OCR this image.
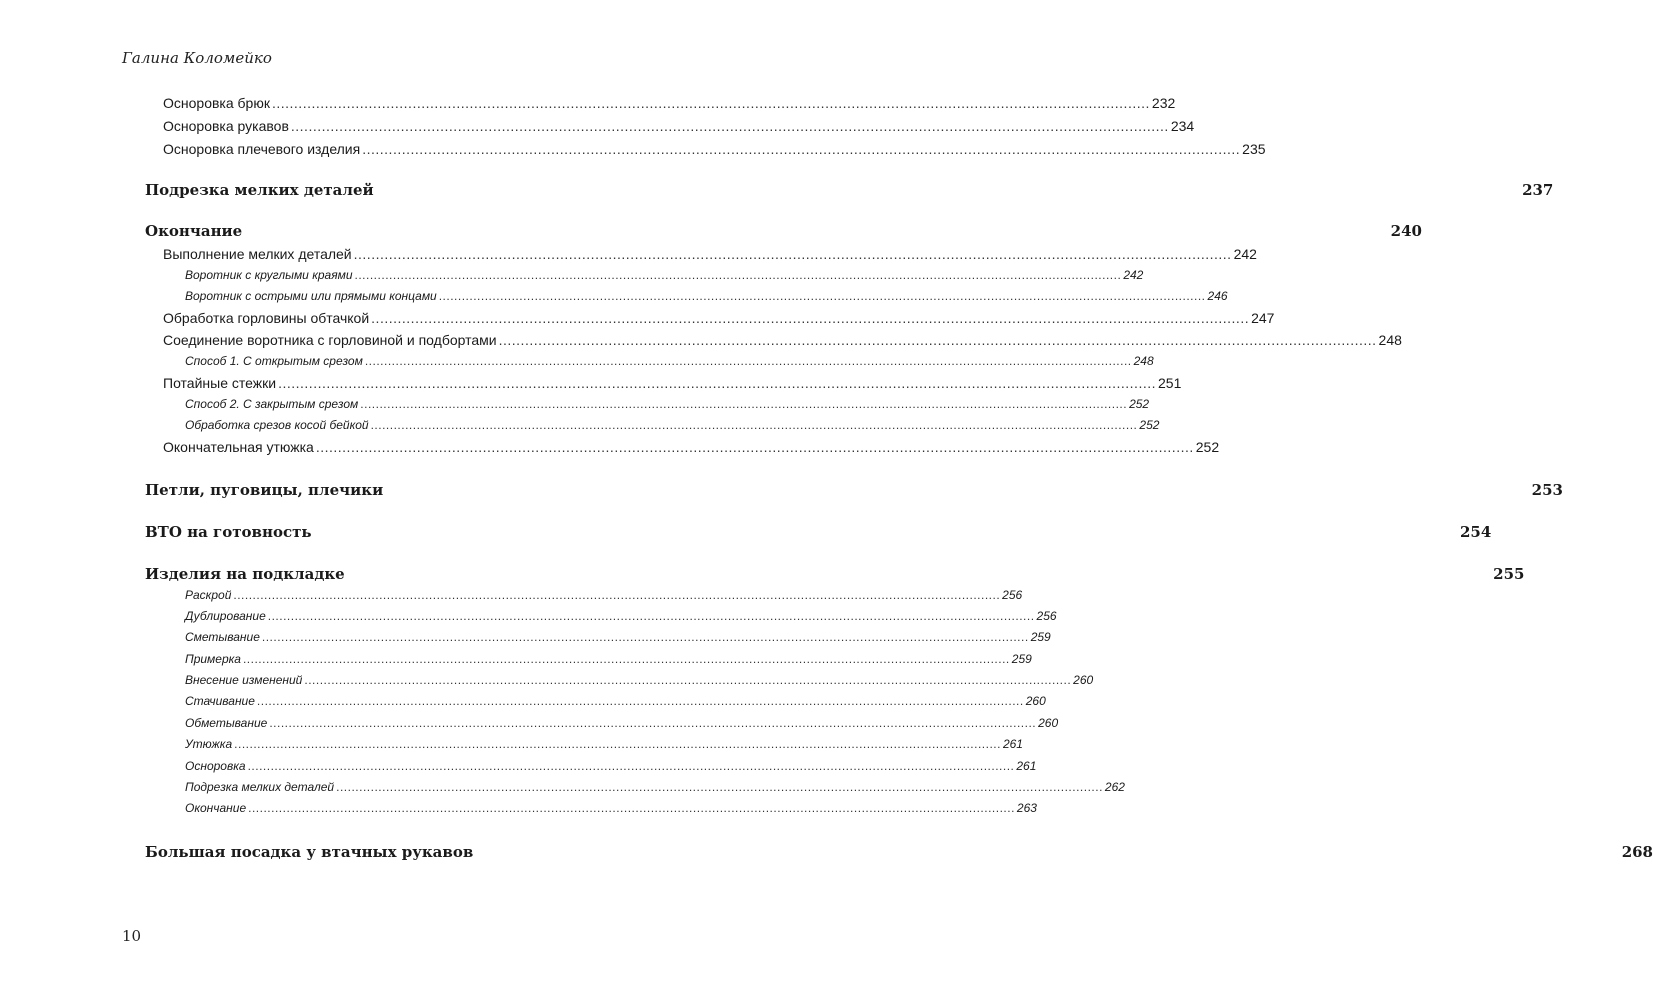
Галина Коломейко
Осноровка брюк ........................................................................................................................................................................................................ 232
Осноровка рукавов ........................................................................................................................................................................................................ 234
Осноровка плечевого изделия ........................................................................................................................................................................................................ 235
Подрезка мелких деталей	237
Окончание	240
Выполнение мелких деталей ........................................................................................................................................................................................................ 242
Воротник с круглыми краями ........................................................................................................................................................................................................ 242
Воротник с острыми или прямыми концами ........................................................................................................................................................................................................ 246
Обработка горловины обтачкой ........................................................................................................................................................................................................ 247
Соединение воротника с горловиной и подбортами ........................................................................................................................................................................................................ 248
Способ 1. С открытым срезом ........................................................................................................................................................................................................ 248
Потайные стежки ........................................................................................................................................................................................................ 251
Способ 2. С закрытым срезом ........................................................................................................................................................................................................ 252
Обработка срезов косой бейкой ........................................................................................................................................................................................................ 252
Окончательная утюжка ........................................................................................................................................................................................................ 252
Петли, пуговицы, плечики	253
ВТО на готовность	254
Изделия на подкладке	255
Раскрой ........................................................................................................................................................................................................ 256
Дублирование ........................................................................................................................................................................................................ 256
Сметывание ........................................................................................................................................................................................................ 259
Примерка ........................................................................................................................................................................................................ 259
Внесение изменений ........................................................................................................................................................................................................ 260
Стачивание ........................................................................................................................................................................................................ 260
Обметывание ........................................................................................................................................................................................................ 260
Утюжка ........................................................................................................................................................................................................ 261
Осноровка ........................................................................................................................................................................................................ 261
Подрезка мелких деталей ........................................................................................................................................................................................................ 262
Окончание ........................................................................................................................................................................................................ 263
Большая посадка у втачных рукавов	268
10
